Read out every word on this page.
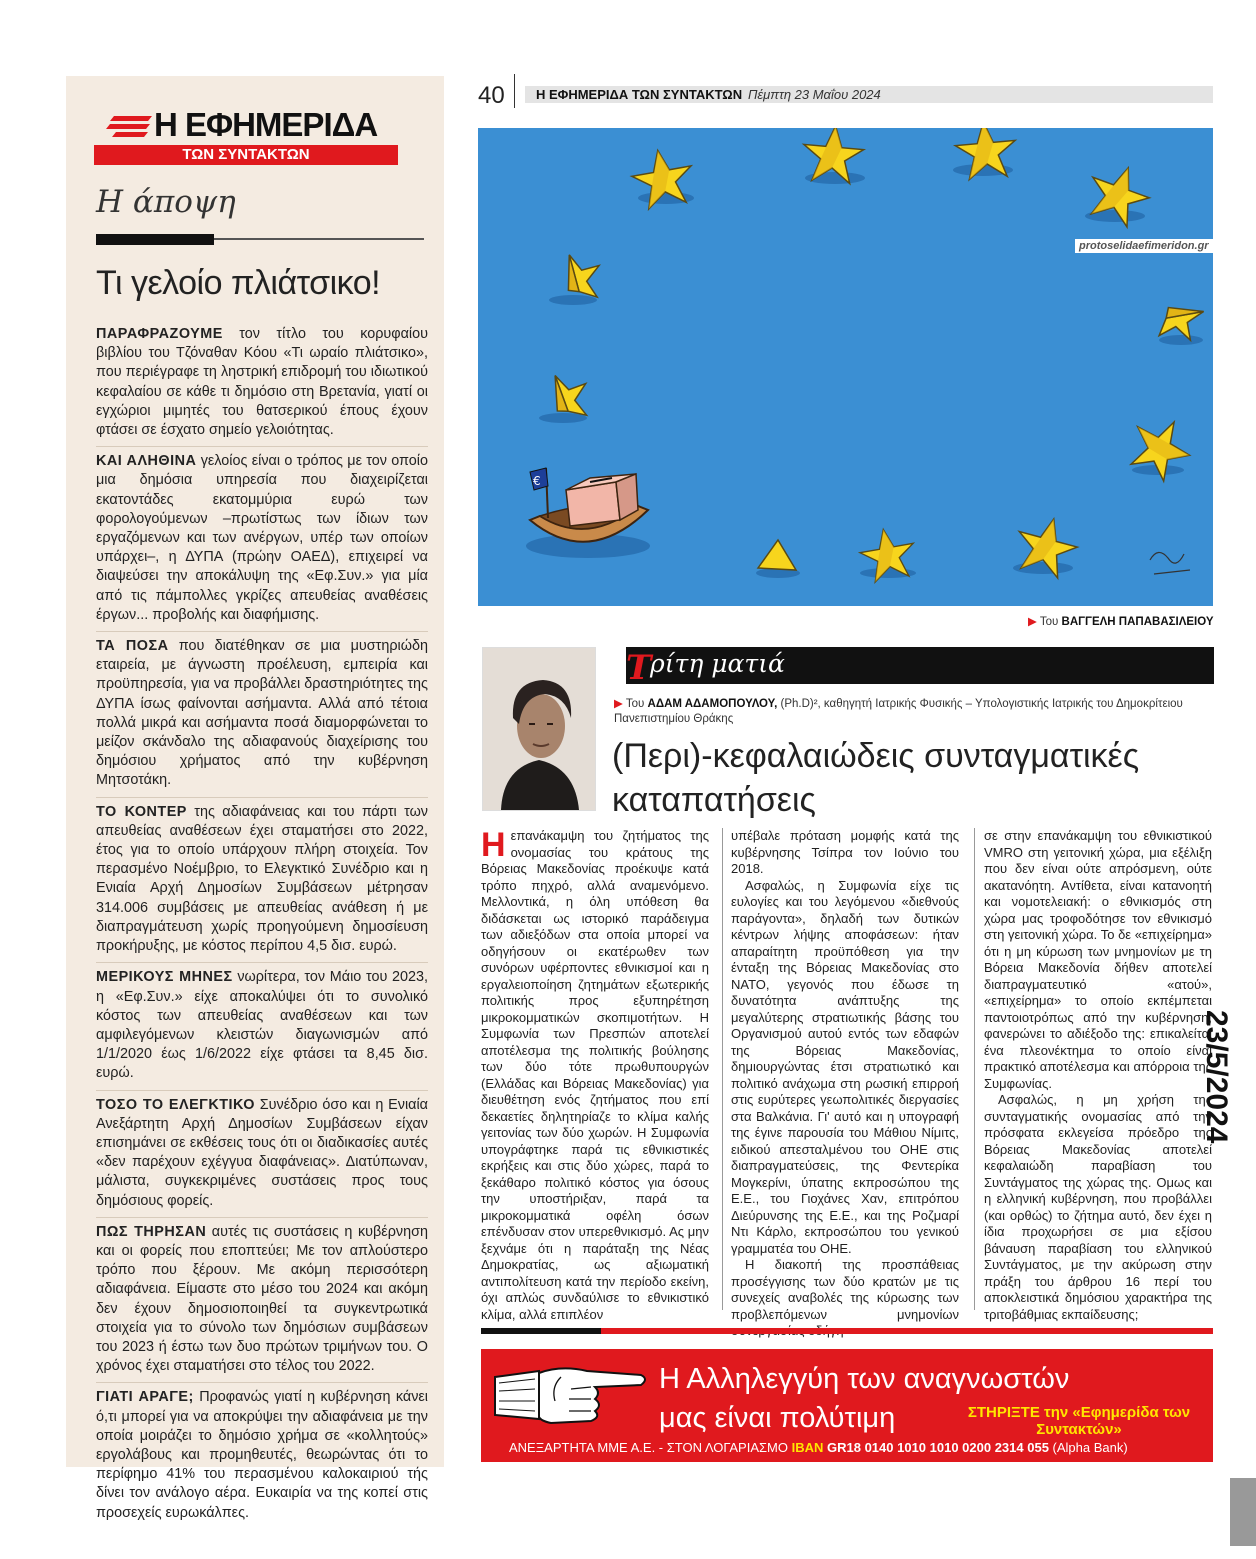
Η ΕΦΗΜΕΡΙΔΑ
ΤΩΝ ΣΥΝΤΑΚΤΩΝ
Η άποψη
Τι γελοίο πλιάτσικο!

ΠΑΡΑΦΡΑΖΟΥΜΕ τον τίτλο του κορυφαίου βιβλίου του Τζόναθαν Κόου «Τι ωραίο πλιάτσικο», που περιέγραφε τη ληστρική επιδρομή του ιδιωτικού κεφαλαίου σε κάθε τι δημόσιο στη Βρετανία, γιατί οι εγχώριοι μιμητές του θατσερικού έπους έχουν φτάσει σε έσχατο σημείο γελοιότητας.

ΚΑΙ ΑΛΗΘΙΝΑ γελοίος είναι ο τρόπος με τον οποίο μια δημόσια υπηρεσία που διαχειρίζεται εκατοντάδες εκατομμύρια ευρώ των φορολογούμενων –πρωτίστως των ίδιων των εργαζόμενων και των ανέργων, υπέρ των οποίων υπάρχει–, η ΔΥΠΑ (πρώην ΟΑΕΔ), επιχειρεί να διαψεύσει την αποκάλυψη της «Εφ.Συν.» για μία από τις πάμπολλες γκρίζες απευθείας αναθέσεις έργων... προβολής και διαφήμισης.

ΤΑ ΠΟΣΑ που διατέθηκαν σε μια μυστηριώδη εταιρεία, με άγνωστη προέλευση, εμπειρία και προϋπηρεσία, για να προβάλλει δραστηριότητες της ΔΥΠΑ ίσως φαίνονται ασήμαντα. Αλλά από τέτοια πολλά μικρά και ασήμαντα ποσά διαμορφώνεται το μείζον σκάνδαλο της αδιαφανούς διαχείρισης του δημόσιου χρήματος από την κυβέρνηση Μητσοτάκη.

ΤΟ ΚΟΝΤΕΡ της αδιαφάνειας και του πάρτι των απευθείας αναθέσεων έχει σταματήσει στο 2022, έτος για το οποίο υπάρχουν πλήρη στοιχεία. Τον περασμένο Νοέμβριο, το Ελεγκτικό Συνέδριο και η Ενιαία Αρχή Δημοσίων Συμβάσεων μέτρησαν 314.006 συμβάσεις με απευθείας ανάθεση ή με διαπραγμάτευση χωρίς προηγούμενη δημοσίευση προκήρυξης, με κόστος περίπου 4,5 δισ. ευρώ.

ΜΕΡΙΚΟΥΣ ΜΗΝΕΣ νωρίτερα, τον Μάιο του 2023, η «Εφ.Συν.» είχε αποκαλύψει ότι το συνολικό κόστος των απευθείας αναθέσεων και των αμφιλεγόμενων κλειστών διαγωνισμών από 1/1/2020 έως 1/6/2022 είχε φτάσει τα 8,45 δισ. ευρώ.

ΤΟΣΟ ΤΟ ΕΛΕΓΚΤΙΚΟ Συνέδριο όσο και η Ενιαία Ανεξάρτητη Αρχή Δημοσίων Συμβάσεων είχαν επισημάνει σε εκθέσεις τους ότι οι διαδικασίες αυτές «δεν παρέχουν εχέγγυα διαφάνειας». Διατύπωναν, μάλιστα, συγκεκριμένες συστάσεις προς τους δημόσιους φορείς.

ΠΩΣ ΤΗΡΗΣΑΝ αυτές τις συστάσεις η κυβέρνηση και οι φορείς που εποπτεύει; Με τον απλούστερο τρόπο που ξέρουν. Με ακόμη περισσότερη αδιαφάνεια. Είμαστε στο μέσο του 2024 και ακόμη δεν έχουν δημοσιοποιηθεί τα συγκεντρωτικά στοιχεία για το σύνολο των δημόσιων συμβάσεων του 2023 ή έστω των δυο πρώτων τριμήνων του. Ο χρόνος έχει σταματήσει στο τέλος του 2022.

ΓΙΑΤΙ ΑΡΑΓΕ; Προφανώς γιατί η κυβέρνηση κάνει ό,τι μπορεί για να αποκρύψει την αδιαφάνεια με την οποία μοιράζει το δημόσιο χρήμα σε «κολλητούς» εργολάβους και προμηθευτές, θεωρώντας ότι το περίφημο 41% του περασμένου καλοκαιριού τής δίνει τον ανάλογο αέρα. Ευκαιρία να της κοπεί στις προσεχείς ευρωκάλπες.

40 Η ΕΦΗΜΕΡΙΔΑ ΤΩΝ ΣΥΝΤΑΚΤΩΝ Πέμπτη 23 Μαΐου 2024
€
protoselidaefimeridon.gr
▶ Του ΒΑΓΓΕΛΗ ΠΑΠΑΒΑΣΙΛΕΙΟΥ
Τ
ρίτη ματιά
▶ Του ΑΔΑΜ ΑΔΑΜΟΠΟΥΛΟΥ, (Ph.D)², καθηγητή Ιατρικής Φυσικής – Υπολογιστικής Ιατρικής του Δημοκρίτειου Πανεπιστημίου Θράκης
(Περι)-κεφαλαιώδεις συνταγματικές καταπατήσεις

Η επανάκαμψη του ζητήματος της ονομασίας του κράτους της Βόρειας Μακεδονίας προέκυψε κατά τρόπο πηχρό, αλλά αναμενόμενο. Μελλοντικά, η όλη υπόθεση θα διδάσκεται ως ιστορικό παράδειγμα των αδιεξόδων στα οποία μπορεί να οδηγήσουν οι εκατέρωθεν των συνόρων υφέρποντες εθνικισμοί και η εργαλειοποίηση ζητημάτων εξωτερικής πολιτικής προς εξυπηρέτηση μικροκομματικών σκοπιμοτήτων. Η Συμφωνία των Πρεσπών αποτελεί αποτέλεσμα της πολιτικής βούλησης των δύο τότε πρωθυπουργών (Ελλάδας και Βόρειας Μακεδονίας) για διευθέτηση ενός ζητήματος που επί δεκαετίες δηλητηρίαζε το κλίμα καλής γειτονίας των δύο χωρών. Η Συμφωνία υπογράφτηκε παρά τις εθνικιστικές εκρήξεις και στις δύο χώρες, παρά το ξεκάθαρο πολιτικό κόστος για όσους την υποστήριξαν, παρά τα μικροκομματικά οφέλη όσων επένδυσαν στον υπερεθνικισμό. Ας μην ξεχνάμε ότι η παράταξη της Νέας Δημοκρατίας, ως αξιωματική αντιπολίτευση κατά την περίοδο εκείνη, όχι απλώς συνδαύλισε το εθνικιστικό κλίμα, αλλά επιπλέον

υπέβαλε πρόταση μομφής κατά της κυβέρνησης Τσίπρα τον Ιούνιο του 2018.

Ασφαλώς, η Συμφωνία είχε τις ευλογίες και του λεγόμενου «διεθνούς παράγοντα», δηλαδή των δυτικών κέντρων λήψης αποφάσεων: ήταν απαραίτητη προϋπόθεση για την ένταξη της Βόρειας Μακεδονίας στο ΝΑΤΟ, γεγονός που έδωσε τη δυνατότητα ανάπτυξης της μεγαλύτερης στρατιωτικής βάσης του Οργανισμού αυτού εντός των εδαφών της Βόρειας Μακεδονίας, δημιουργώντας έτσι στρατιωτικό και πολιτικό ανάχωμα στη ρωσική επιρροή στις ευρύτερες γεωπολιτικές διεργασίες στα Βαλκάνια. Γι' αυτό και η υπογραφή της έγινε παρουσία του Μάθιου Νίμιτς, ειδικού απεσταλμένου του ΟΗΕ στις διαπραγματεύσεις, της Φεντερίκα Μογκερίνι, ύπατης εκπροσώπου της Ε.Ε., του Γιοχάνες Χαν, επιτρόπου Διεύρυνσης της Ε.Ε., και της Ροζμαρί Ντι Κάρλο, εκπροσώπου του γενικού γραμματέα του ΟΗΕ.

Η διακοπή της προσπάθειας προσέγγισης των δύο κρατών με τις συνεχείς αναβολές της κύρωσης των προβλεπόμενων μνημονίων

σε στην επανάκαμψη του εθνικιστικού VMRO στη γειτονική χώρα, μια εξέλιξη που δεν είναι ούτε απρόσμενη, ούτε ακατανόητη. Αντίθετα, είναι κατανοητή και νομοτελειακή: ο εθνικισμός στη χώρα μας τροφοδότησε τον εθνικισμό στη γειτονική χώρα. Το δε «επιχείρημα» ότι η μη κύρωση των μνημονίων με τη Βόρεια Μακεδονία δήθεν αποτελεί διαπραγματευτικό «ατού», «επιχείρημα» το οποίο εκπέμπεται παντοιοτρόπως από την κυβέρνηση, φανερώνει το αδιέξοδο της: επικαλείται ένα πλεονέκτημα το οποίο είναι πρακτικό αποτέλεσμα και απόρροια της Συμφωνίας.

Ασφαλώς, η μη χρήση της συνταγματικής ονομασίας από την πρόσφατα εκλεγείσα πρόεδρο της Βόρειας Μακεδονίας αποτελεί κεφαλαιώδη παραβίαση του Συντάγματος της χώρας της. Ομως και η ελληνική κυβέρνηση, που προβάλλει (και ορθώς) το ζήτημα αυτό, δεν έχει η ίδια προχωρήσει σε μια εξίσου βάναυση παραβίαση του ελληνικού Συντάγματος, με την ακύρωση στην πράξη του άρθρου 16 περί του αποκλειστικά δημόσιου χαρακτήρα της τριτοβάθμιας εκπαίδευσης;

Η Αλληλεγγύη των αναγνωστών
μας είναι πολύτιμη	ΣΤΗΡΙΞΤΕ την «Εφημερίδα των Συντακτών»
ΑΝΕΞΑΡΤΗΤΑ ΜΜΕ Α.Ε. - ΣΤΟΝ ΛΟΓΑΡΙΑΣΜΟ IBAN GR18 0140 1010 1010 0200 2314 055 (Alpha Bank)
23/5/2024
